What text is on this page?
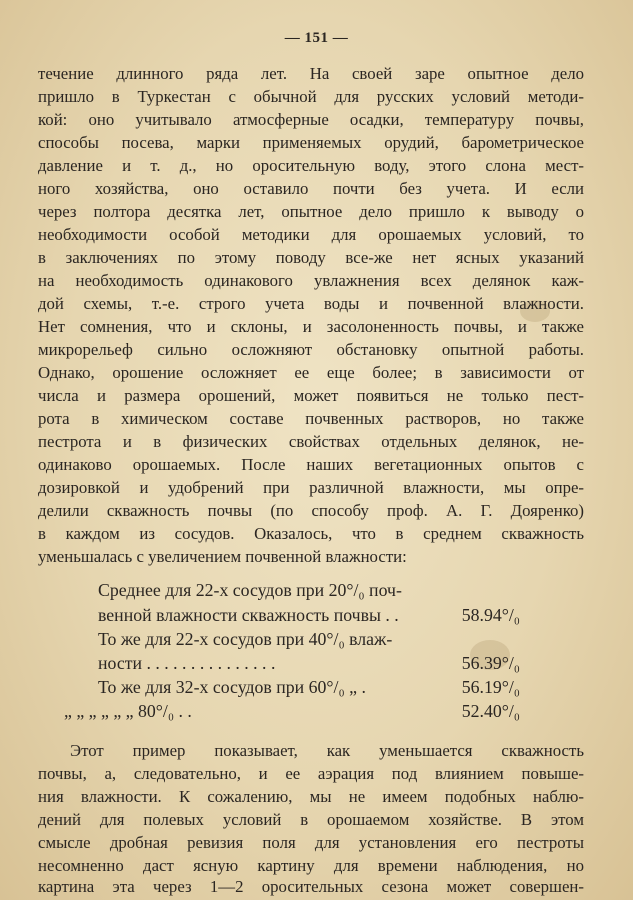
— 151 —
течение длинного ряда лет. На своей заре опытное дело
пришло в Туркестан с обычной для русских условий методи-
кой: оно учитывало атмосферные осадки, температуру почвы,
способы посева, марки применяемых орудий, барометрическое
давление и т. д., но оросительную воду, этого слона мест-
ного хозяйства, оно оставило почти без учета. И если
через полтора десятка лет, опытное дело пришло к выводу о
необходимости особой методики для орошаемых условий, то
в заключениях по этому поводу все-же нет ясных указаний
на необходимость одинакового увлажнения всех делянок каж-
дой схемы, т.-е. строго учета воды и почвенной влажности.
Нет сомнения, что и склоны, и засолоненность почвы, и также
микрорельеф сильно осложняют обстановку опытной работы.
Однако, орошение осложняет ее еще более; в зависимости от
числа и размера орошений, может появиться не только пест-
рота в химическом составе почвенных растворов, но также
пестрота и в физических свойствах отдельных делянок, не-
одинаково орошаемых. После наших вегетационных опытов с
дозировкой и удобрений при различной влажности, мы опре-
делили скважность почвы (по способу проф. А. Г. Дояренко)
в каждом из сосудов. Оказалось, что в среднем скважность
уменьшалась с увеличением почвенной влажности:
Среднее для 22-х сосудов при 20°/₀ поч-
венной влажности скважность почвы . .	58.94°/₀
То же для 22-х сосудов при 40°/₀ влаж-
ности . . . . . . . . . . . . . . .	56.39°/₀
То же для 32-х сосудов при 60°/₀ „ .	56.19°/₀
„ „ „ „ „ „ 80°/₀ . .	52.40°/₀
Этот пример показывает, как уменьшается скважность
почвы, а, следовательно, и ее аэрация под влиянием повыше-
ния влажности. К сожалению, мы не имеем подобных наблю-
дений для полевых условий в орошаемом хозяйстве. В этом
смысле дробная ревизия поля для установления его пестроты
несомненно даст ясную картину для времени наблюдения, но
картина эта через 1—2 оросительных сезона может совершен-
